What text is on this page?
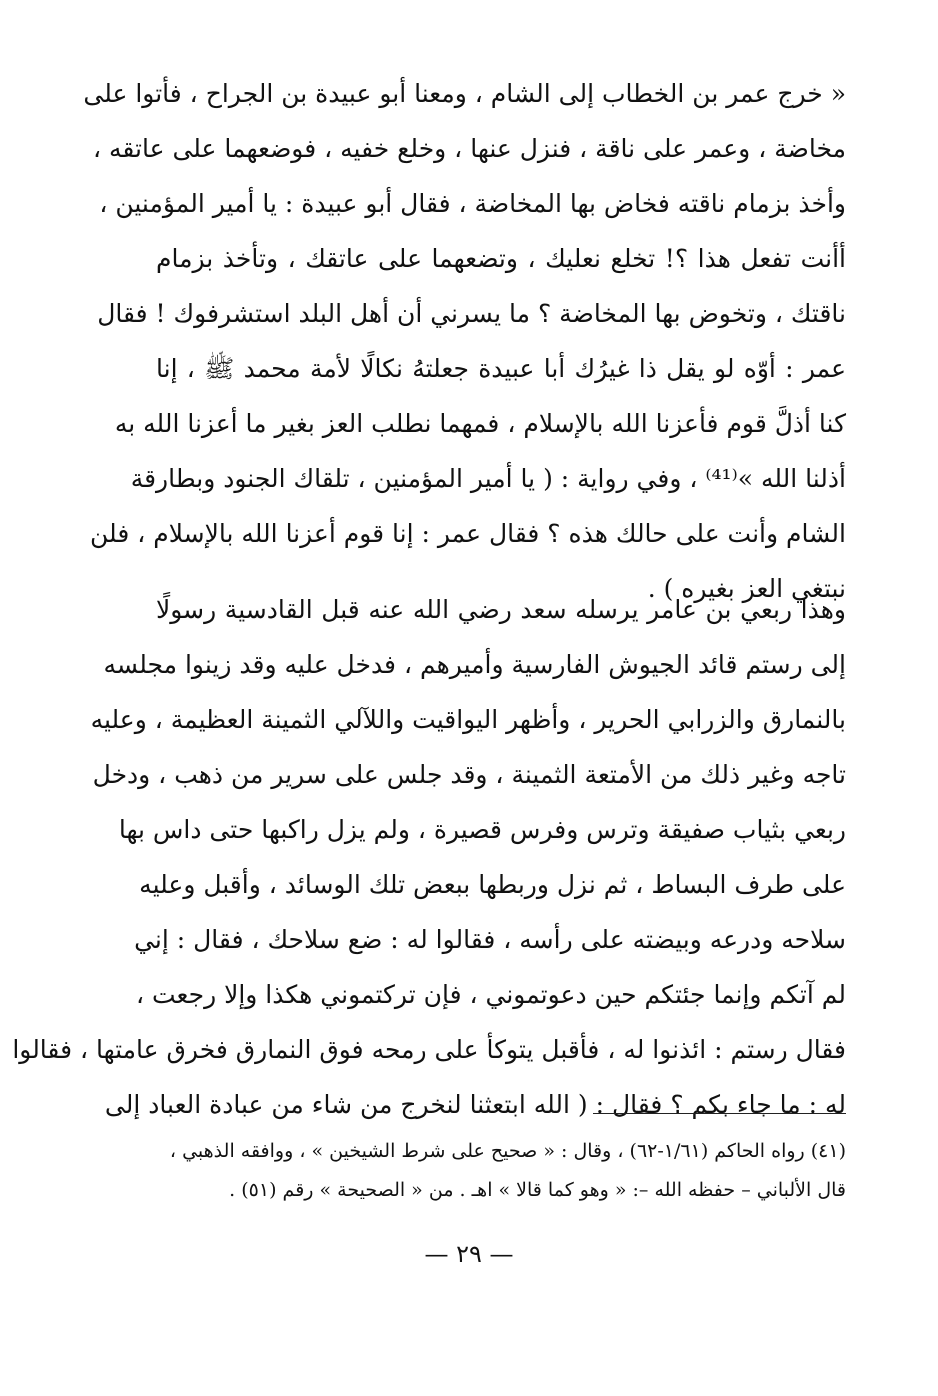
« خرج عمر بن الخطاب إلى الشام ، ومعنا أبو عبيدة بن الجراح ، فأتوا على
مخاضة ، وعمر على ناقة ، فنزل عنها ، وخلع خفيه ، فوضعهما على عاتقه ،
وأخذ بزمام ناقته فخاض بها المخاضة ، فقال أبو عبيدة : يا أمير المؤمنين ،
أأنت تفعل هذا ؟! تخلع نعليك ، وتضعهما على عاتقك ، وتأخذ بزمام
ناقتك ، وتخوض بها المخاضة ؟ ما يسرني أن أهل البلد استشرفوك ! فقال
عمر : أوّه لو يقل ذا غيرُك أبا عبيدة جعلتهُ نكالًا لأمة محمد ﷺ ، إنا
كنا أذلَّ قوم فأعزنا الله بالإسلام ، فمهما نطلب العز بغير ما أعزنا الله به
أذلنا الله »⁽⁴¹⁾ ، وفي رواية : ( يا أمير المؤمنين ، تلقاك الجنود وبطارقة
الشام وأنت على حالك هذه ؟ فقال عمر : إنا قوم أعزنا الله بالإسلام ، فلن
نبتغي العز بغيره ) .
وهذا ربعي بن عامر يرسله سعد رضي الله عنه قبل القادسية رسولًا
إلى رستم قائد الجيوش الفارسية وأميرهم ، فدخل عليه وقد زينوا مجلسه
بالنمارق والزرابي الحرير ، وأظهر اليواقيت واللآلي الثمينة العظيمة ، وعليه
تاجه وغير ذلك من الأمتعة الثمينة ، وقد جلس على سرير من ذهب ، ودخل
ربعي بثياب صفيقة وترس وفرس قصيرة ، ولم يزل راكبها حتى داس بها
على طرف البساط ، ثم نزل وربطها ببعض تلك الوسائد ، وأقبل وعليه
سلاحه ودرعه وبيضته على رأسه ، فقالوا له : ضع سلاحك ، فقال : إني
لم آتكم وإنما جئتكم حين دعوتموني ، فإن تركتموني هكذا وإلا رجعت ،
فقال رستم : ائذنوا له ، فأقبل يتوكأ على رمحه فوق النمارق فخرق عامتها ، فقالوا
له : ما جاء بكم ؟ فقال : ( الله ابتعثنا لنخرج من شاء من عبادة العباد إلى
(٤١) رواه الحاكم (١/٦١-٦٢) ، وقال : « صحيح على شرط الشيخين » ، ووافقه الذهبي ،
قال الألباني – حفظه الله –: « وهو كما قالا » اهـ . من « الصحيحة » رقم (٥١) .
— ٢٩ —
